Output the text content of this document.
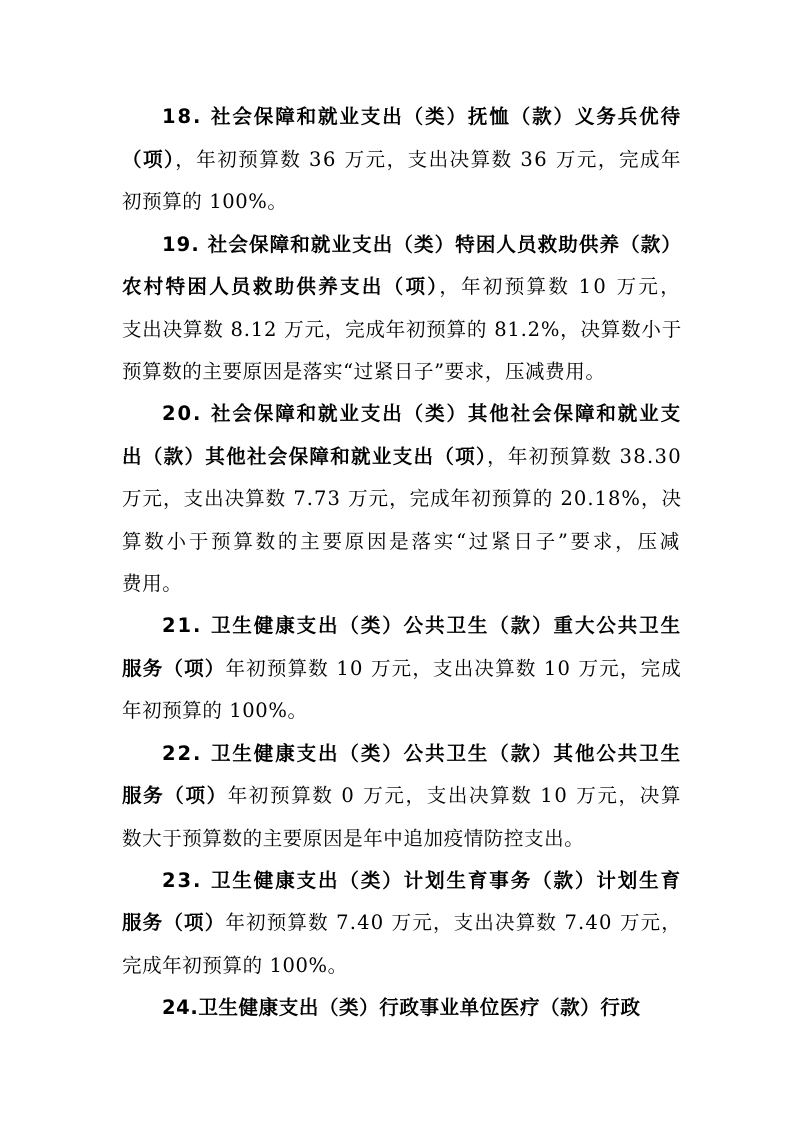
18. 社会保障和就业支出（类）抚恤（款）义务兵优待
（项），年初预算数 36 万元，支出决算数 36 万元，完成年
初预算的 100%。
19. 社会保障和就业支出（类）特困人员救助供养（款）
农村特困人员救助供养支出（项），年初预算数 10 万元，
支出决算数 8.12 万元，完成年初预算的 81.2%，决算数小于
预算数的主要原因是落实“过紧日子”要求，压减费用。
20. 社会保障和就业支出（类）其他社会保障和就业支
出（款）其他社会保障和就业支出（项），年初预算数 38.30
万元，支出决算数 7.73 万元，完成年初预算的 20.18%，决
算数小于预算数的主要原因是落实“过紧日子”要求，压减
费用。
21. 卫生健康支出（类）公共卫生（款）重大公共卫生
服务（项）年初预算数 10 万元，支出决算数 10 万元，完成
年初预算的 100%。
22. 卫生健康支出（类）公共卫生（款）其他公共卫生
服务（项）年初预算数 0 万元，支出决算数 10 万元，决算
数大于预算数的主要原因是年中追加疫情防控支出。
23. 卫生健康支出（类）计划生育事务（款）计划生育
服务（项）年初预算数 7.40 万元，支出决算数 7.40 万元，
完成年初预算的 100%。
24.卫生健康支出（类）行政事业单位医疗（款）行政
